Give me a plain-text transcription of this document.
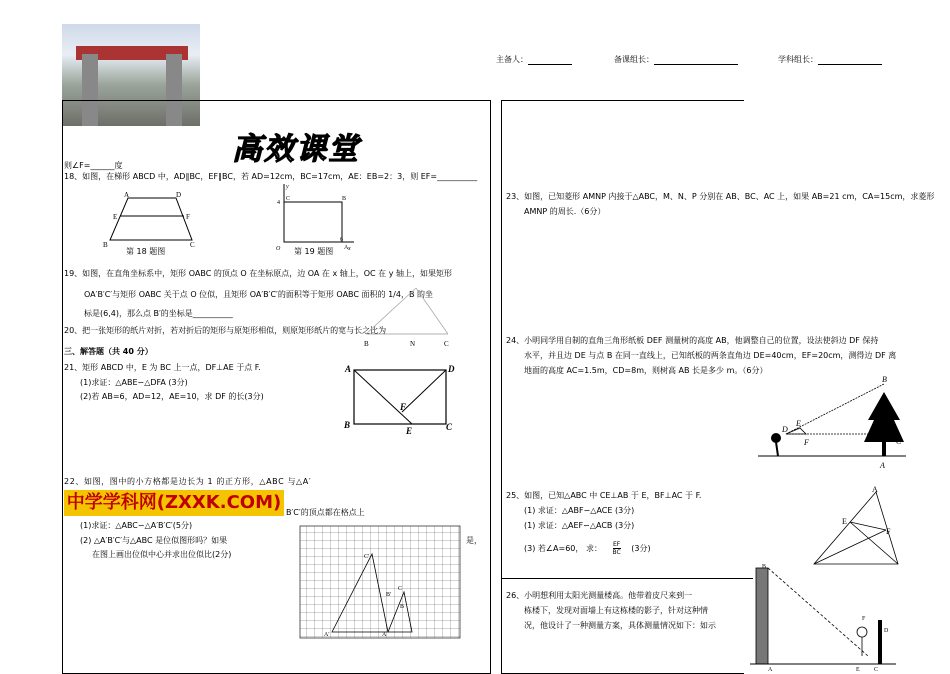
主备人：	备课组长：	学科组长：
高效课堂
则∠F=______度
18、如图，在梯形 ABCD 中，AD∥BC，EF∥BC，若 AD=12cm，BC=17cm，AE：EB=2：3，则 EF=__________
A	D
E	F
B	C
第 18 题图
y
x
O
4
C	B
6
A
第 19 题图
19、如图，在直角坐标系中，矩形 OABC 的顶点 O 在坐标原点，边 OA 在 x 轴上，OC 在 y 轴上，如果矩形
OA′B′C′与矩形 OABC 关于点 O 位似，且矩形 OA′B′C′的面积等于矩形 OABC 面积的 1/4，B 的坐
标是(6,4)，那么点 B′的坐标是__________
20、把一张矩形的纸片对折，若对折后的矩形与原矩形相似，则原矩形纸片的宽与长之比为
B	N	C
三、解答题（共 40 分）
21、矩形 ABCD 中，E 为 BC 上一点，DF⊥AE 于点 F.
(1)求证：△ABE∽△DFA (3分)
(2)若 AB=6，AD=12，AE=10，求 DF 的长(3分)
A	D
B	C
E
F
22、如图，图中的小方格都是边长为 1 的正方形，△ABC 与△A′
中学学科网(ZXXK.COM) B′C′的顶点都在格点上
(1)求证：△ABC∽△A′B′C′(5分)
(2) △A′B′C′与△ABC 是位似图形吗？如果	是，
在图上画出位似中心并求出位似比(2分)	C'
A'
B'
C
B
A
23、如图，已知菱形 AMNP 内接于△ABC，M、N、P 分别在 AB、BC、AC 上，如果 AB=21 cm，CA=15cm，求菱形
AMNP 的周长.（6分）
24、小明同学用自制的直角三角形纸板 DEF 测量树的高度 AB，他调整自己的位置，设法使斜边 DF 保持
水平，并且边 DE 与点 B 在同一直线上，已知纸板的两条直角边 DE=40cm，EF=20cm，测得边 DF 离
地面的高度 AC=1.5m，CD=8m，则树高 AB 长是多少 m。（6分）
B
E
F
D
C
A
25、如图，已知△ABC 中 CE⊥AB 于 E，BF⊥AC 于 F.
(1) 求证：△ABF∽△ACE (3分)
(1) 求证：△AEF∽△ACB (3分)
(3) 若∠A=60， 求： $\frac{EF}{BC} (3$分)
A
E
F
26、小明想利用太阳光测量楼高。他带着皮尺来到一
栋楼下，发现对面墙上有这栋楼的影子，针对这种情
况，他设计了一种测量方案，具体测量情况如下：如示
B
F
D
A	E C
